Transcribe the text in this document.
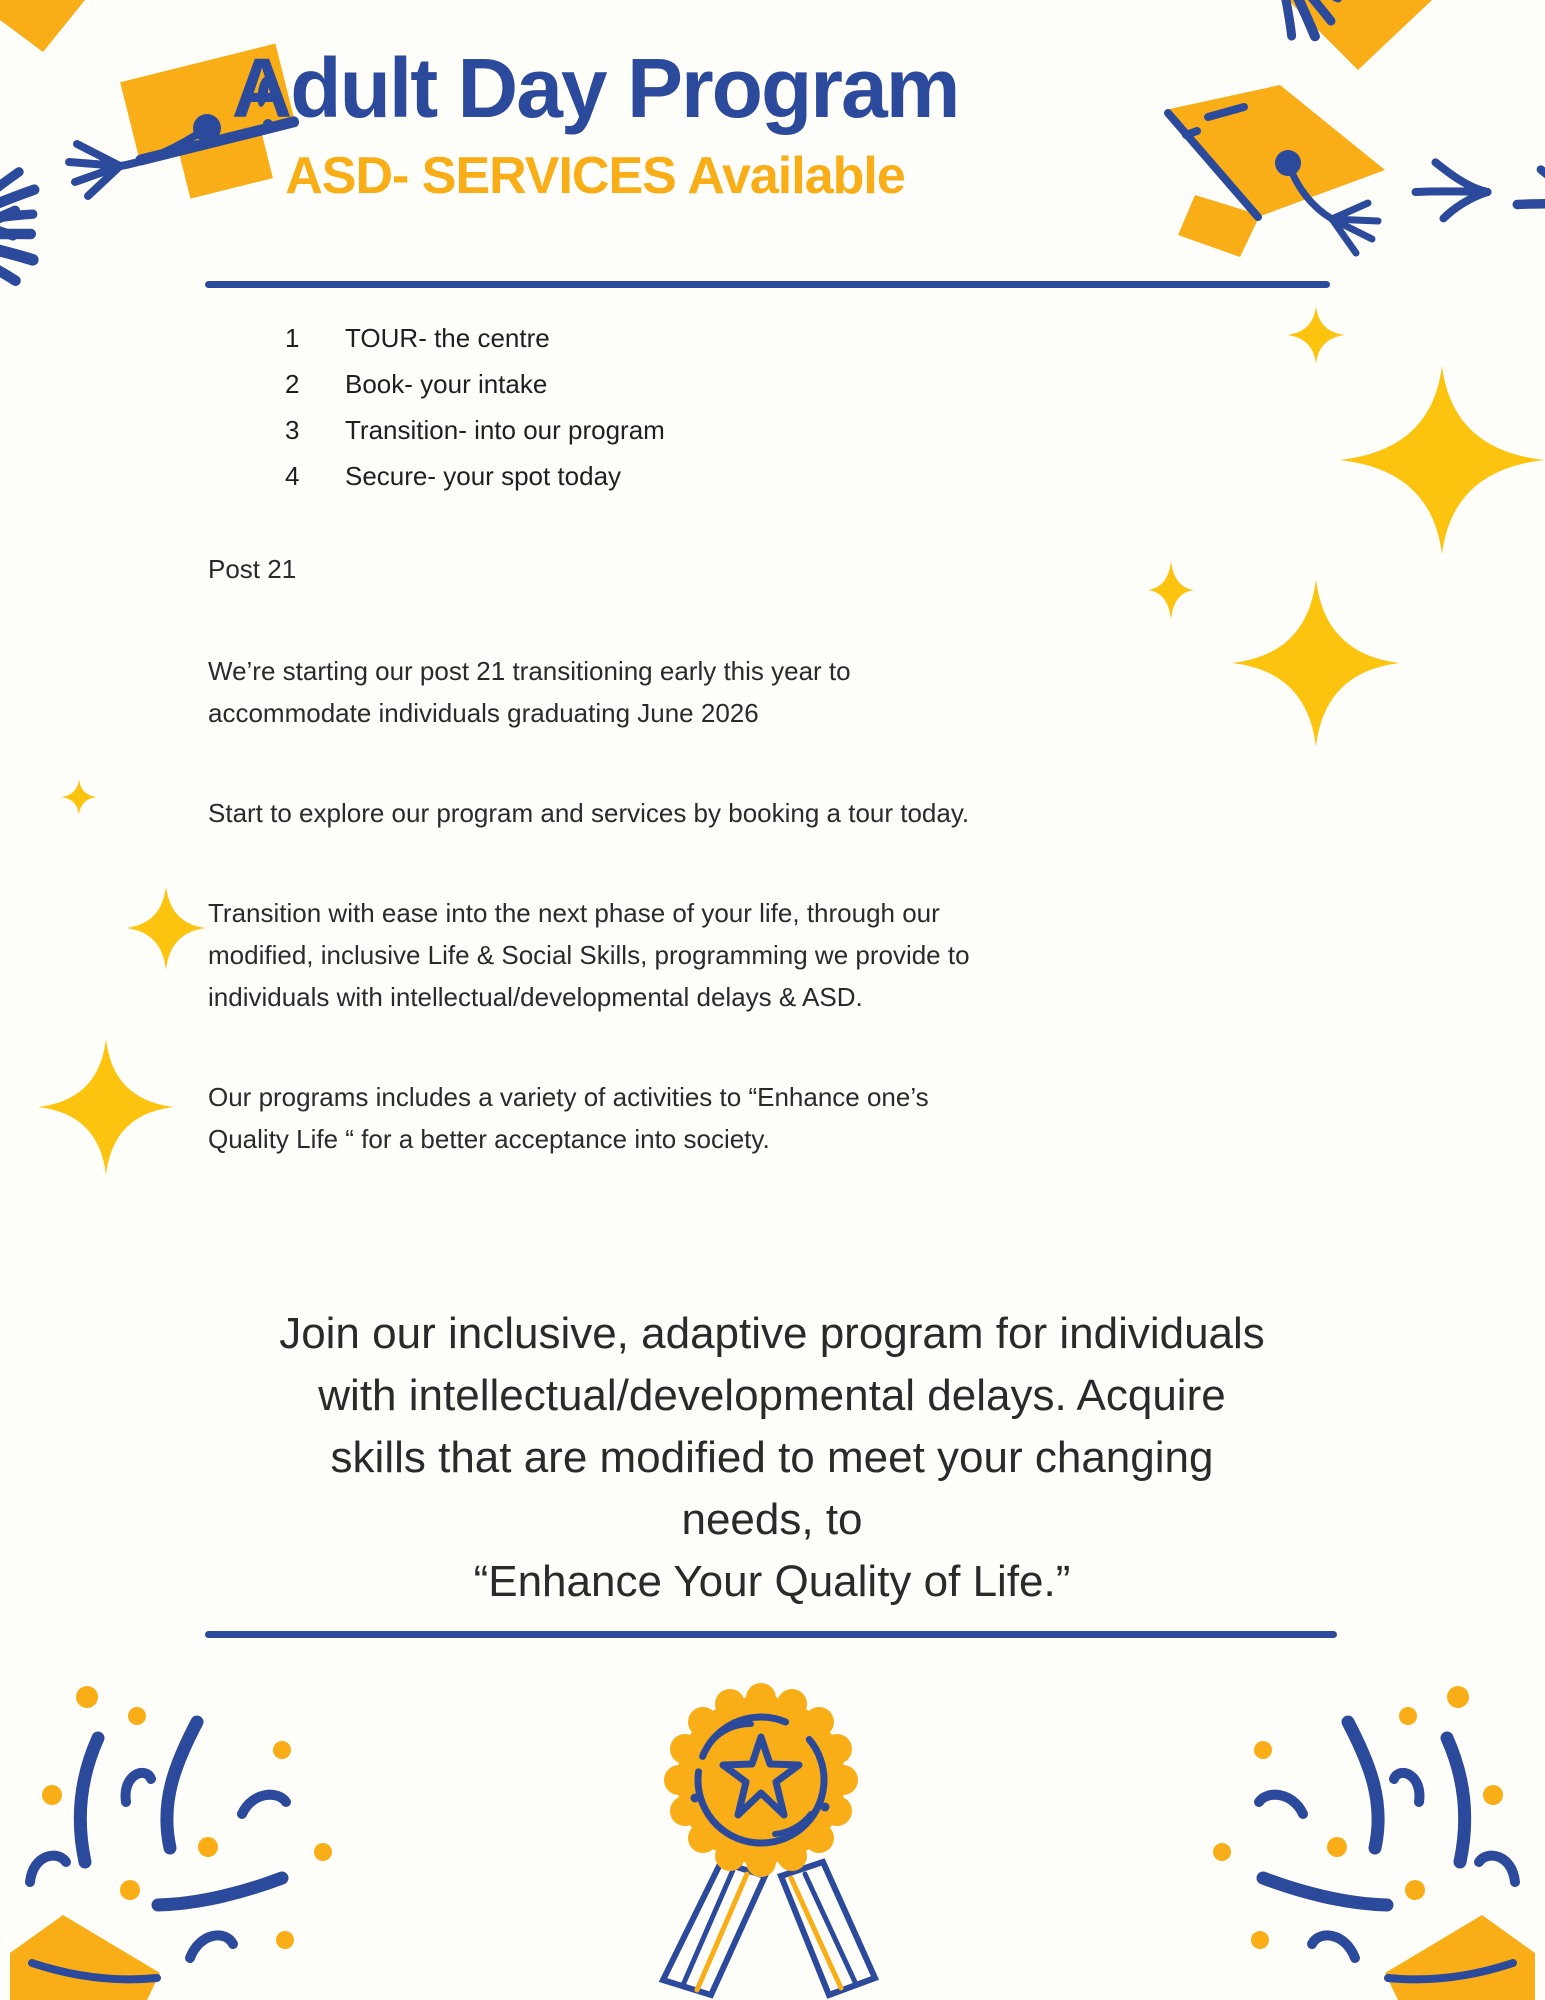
Adult Day Program
ASD- SERVICES Available
1	TOUR- the centre
2	Book- your intake
3	Transition- into our program
4	Secure- your spot today
Post 21

We’re starting our post 21 transitioning early this year to accommodate individuals graduating June 2026

Start to explore our program and services by booking a tour today.

Transition with ease into the next phase of your life, through our modified, inclusive Life & Social Skills, programming we provide to individuals with intellectual/developmental delays & ASD.

Our programs includes a variety of activities to “Enhance one’s Quality Life “ for a better acceptance into society.

Join our inclusive, adaptive program for individuals
with intellectual/developmental delays. Acquire
skills that are modified to meet your changing
needs, to
“Enhance Your Quality of Life.”
